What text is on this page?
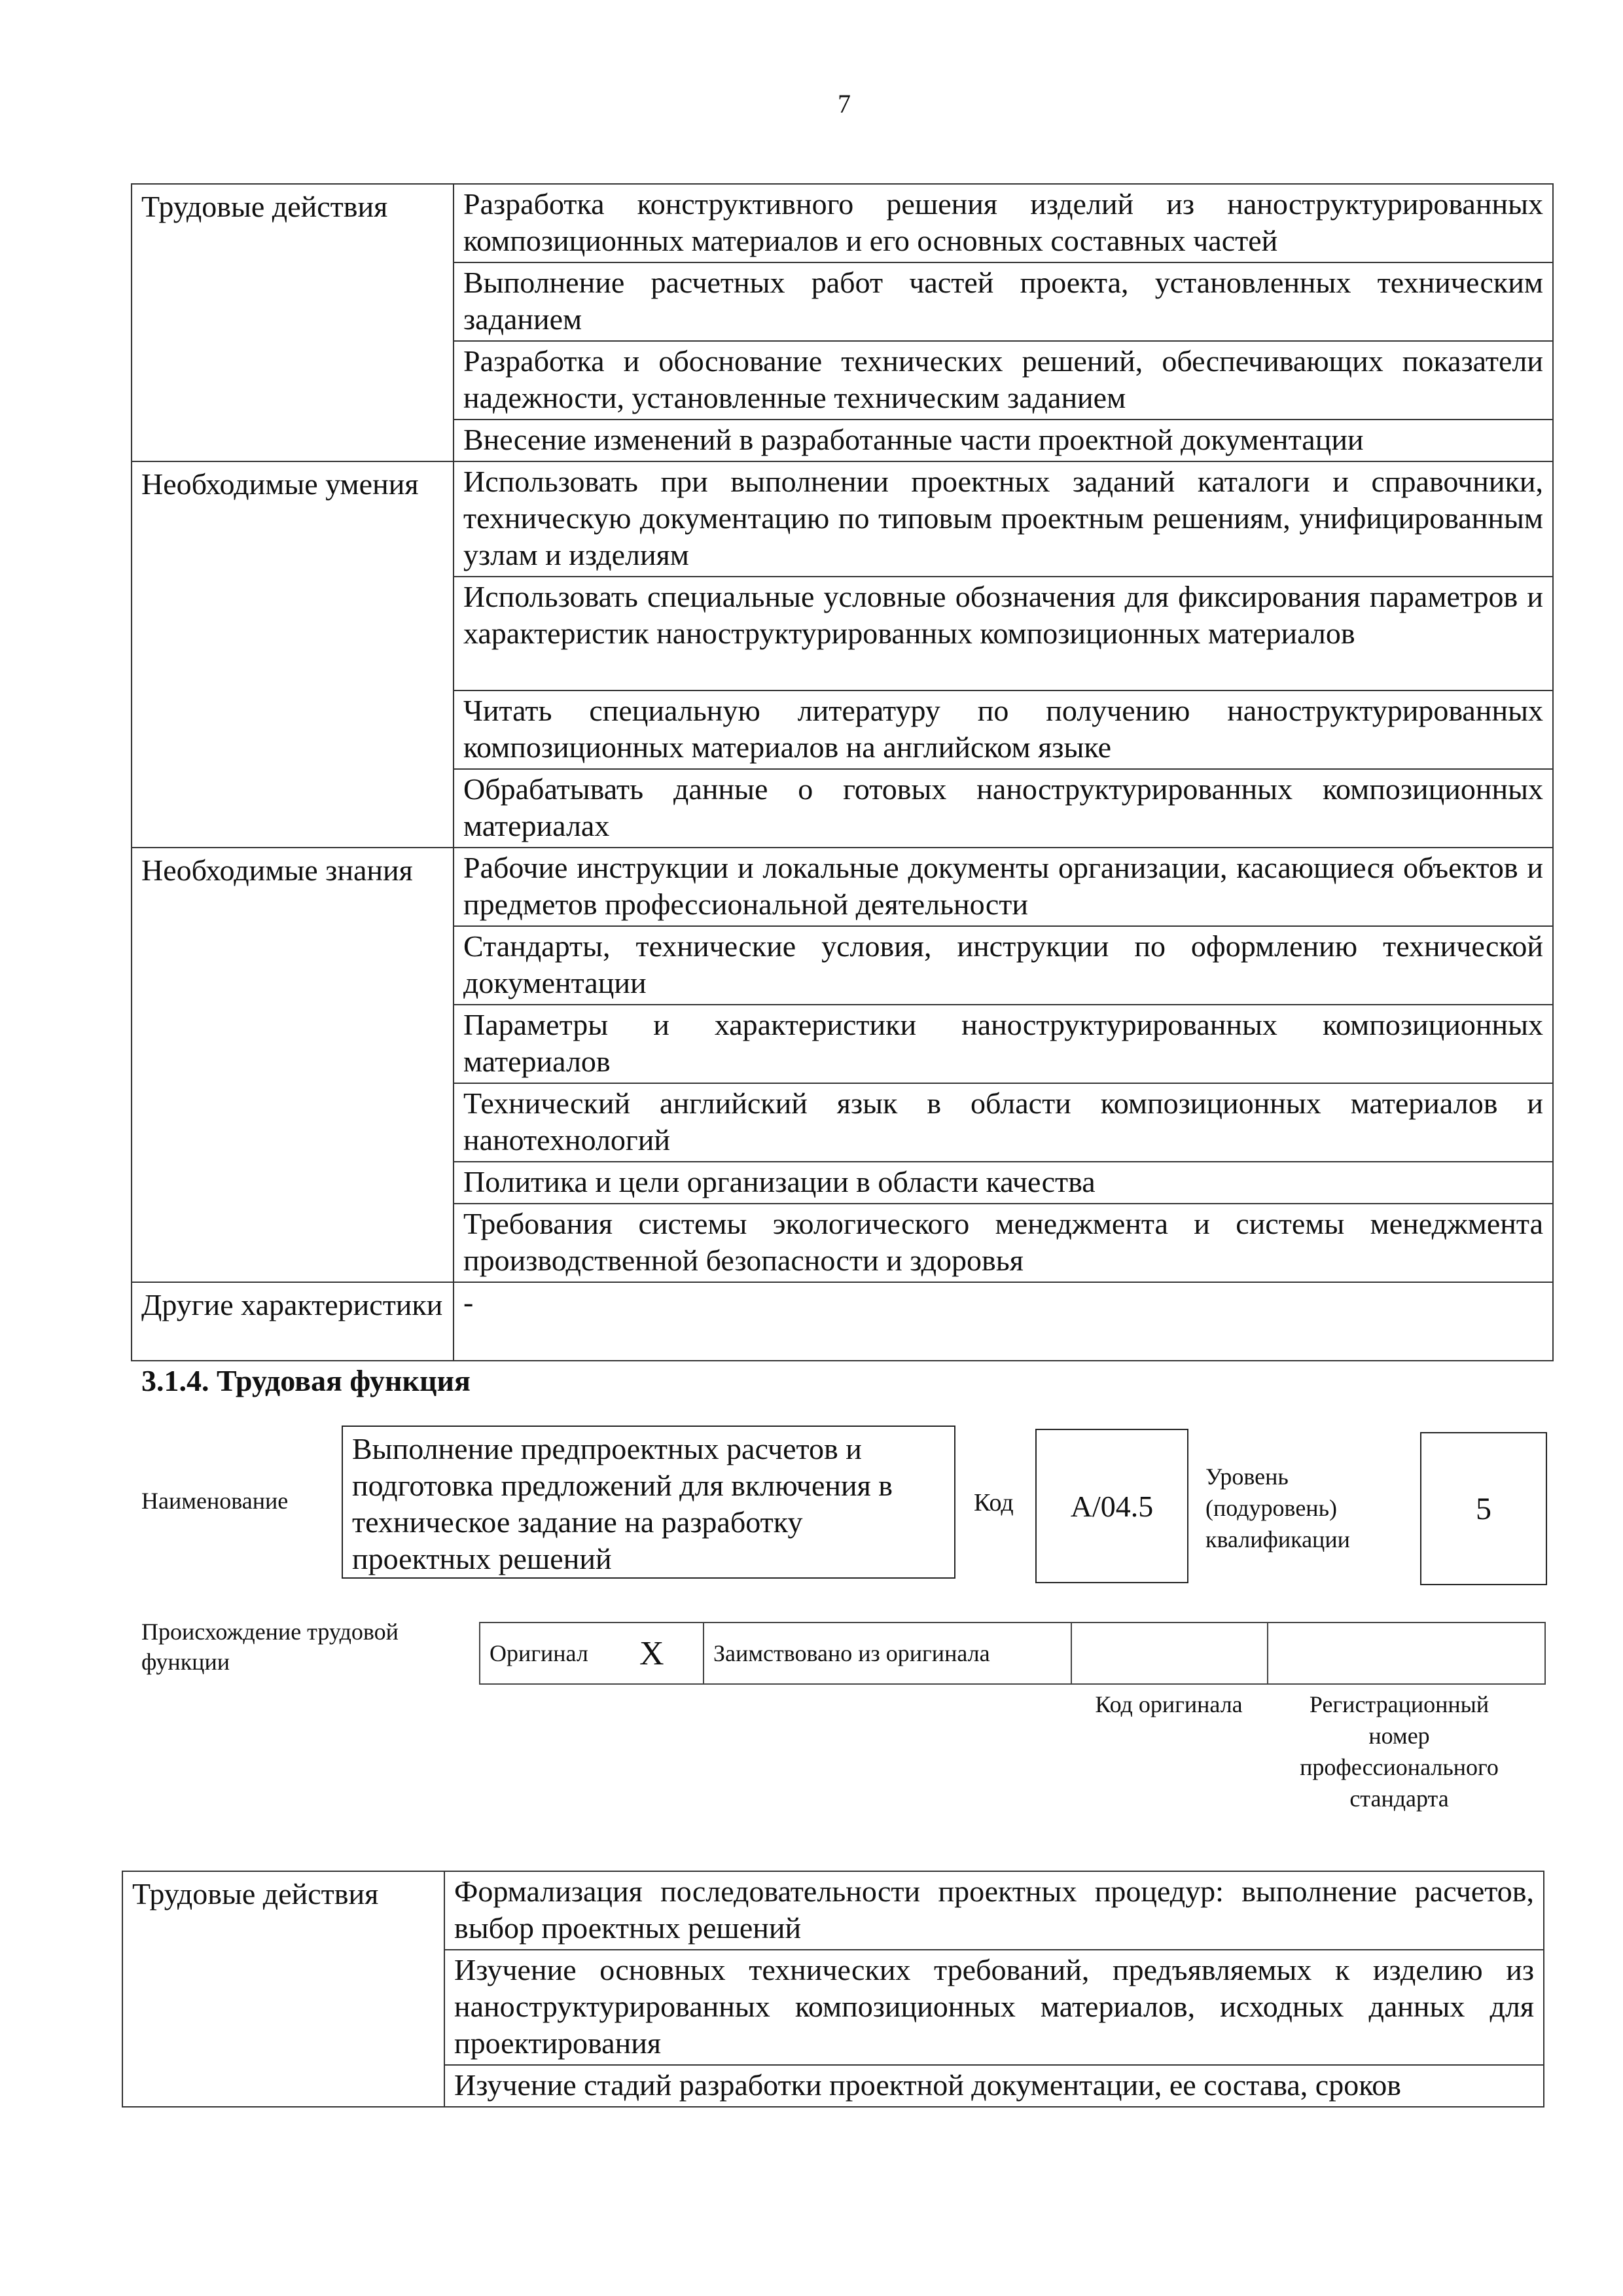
7
Трудовые действия	Разработка конструктивного решения изделий из наноструктурированных композиционных материалов и его основных составных частей
	Выполнение расчетных работ частей проекта, установленных техническим заданием
	Разработка и обоснование технических решений, обеспечивающих показатели надежности, установленные техническим заданием
	Внесение изменений в разработанные части проектной документации
Необходимые умения	Использовать при выполнении проектных заданий каталоги и справочники, техническую документацию по типовым проектным решениям, унифицированным узлам и изделиям
	Использовать специальные условные обозначения для фиксирования параметров и характеристик наноструктурированных композиционных материалов
	Читать специальную литературу по получению наноструктурированных композиционных материалов на английском языке
	Обрабатывать данные о готовых наноструктурированных композиционных материалах
Необходимые знания	Рабочие инструкции и локальные документы организации, касающиеся объектов и предметов профессиональной деятельности
	Стандарты, технические условия, инструкции по оформлению технической документации
	Параметры и характеристики наноструктурированных композиционных материалов
	Технический английский язык в области композиционных материалов и нанотехнологий
	Политика и цели организации в области качества
	Требования системы экологического менеджмента и системы менеджмента производственной безопасности и здоровья
Другие характеристики	-
3.1.4. Трудовая функция
Наименование
Выполнение предпроектных расчетов и подготовка предложений для включения в техническое задание на разработку проектных решений
Код	A/04.5
Уровень (подуровень) квалификации
5
Происхождение трудовой функции	Оригинал	X	Заимствовано из оригинала		
Код оригинала	Регистрационный номер профессионального стандарта
Трудовые действия	Формализация последовательности проектных процедур: выполнение расчетов, выбор проектных решений
Изучение основных технических требований, предъявляемых к изделию из наноструктурированных композиционных материалов, исходных данных для проектирования
Изучение стадий разработки проектной документации, ее состава, сроков
